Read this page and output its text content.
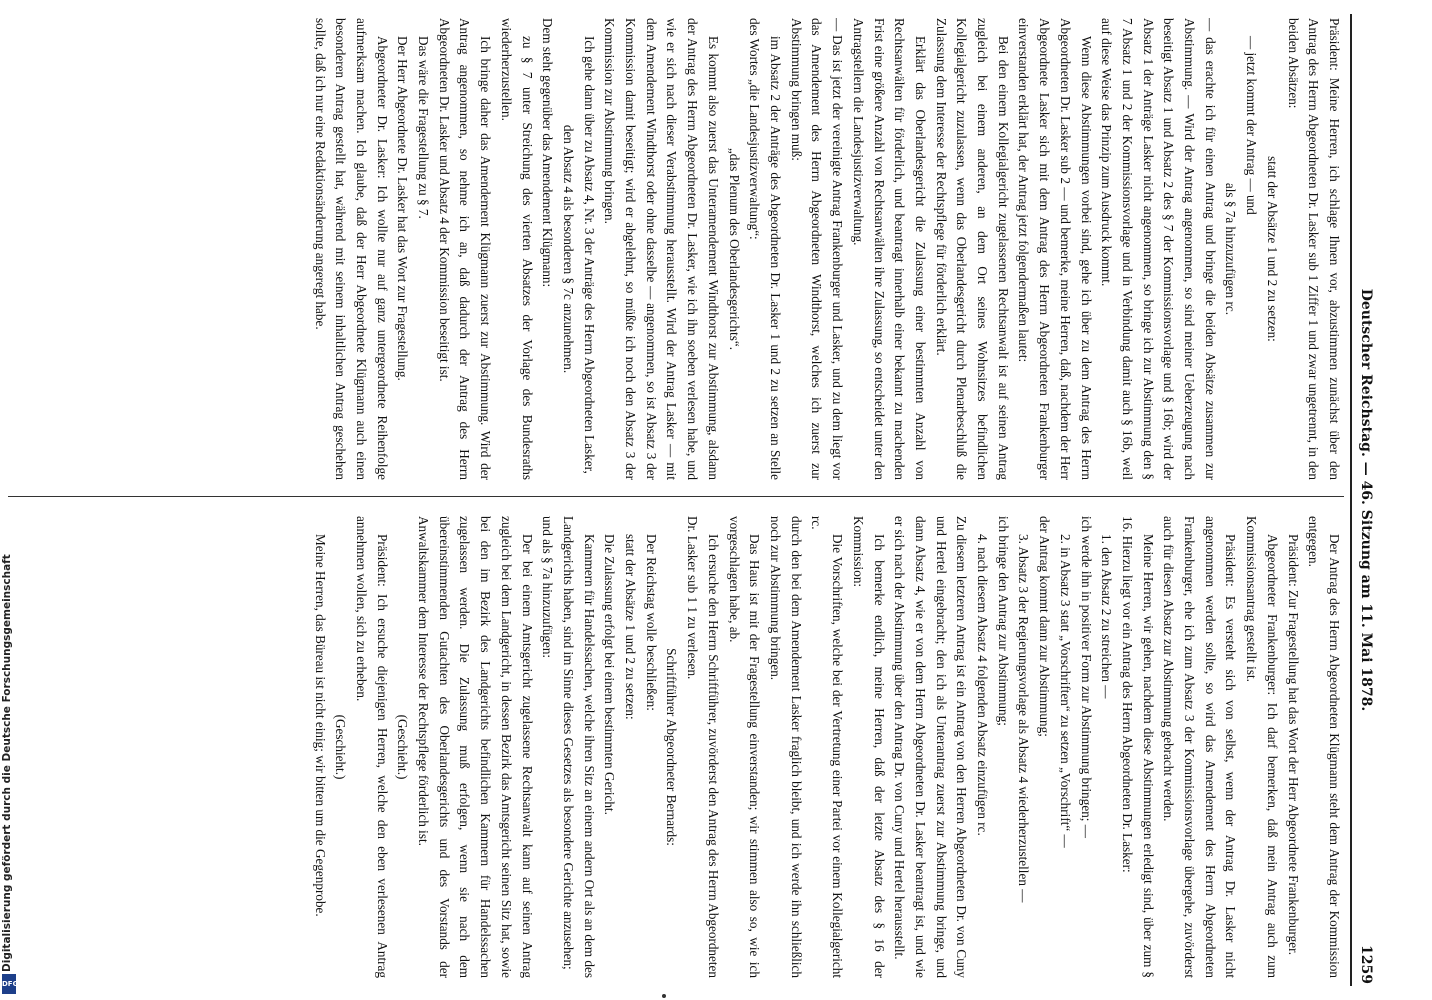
Deutscher Reichstag. — 46. Sitzung am 11. Mai 1878.
1259

Präsident: Meine Herren, ich schlage Ihnen vor, abzustimmen zunächst über den Antrag des Herrn Abgeordneten Dr. Lasker sub 1 Ziffer 1 und zwar ungetrennt, in den beiden Absätzen:

statt der Absätze 1 und 2 zu setzen:

— jetzt kommt der Antrag — und

als § 7a hinzuzufügen rc.

— das erachte ich für einen Antrag und bringe die beiden Absätze zusammen zur Abstimmung. — Wird der Antrag angenommen, so sind meiner Ueberzeugung nach beseitigt Absatz 1 und Absatz 2 des § 7 der Kommissionsvorlage und § 16b; wird der Absatz 1 der Anträge Lasker nicht angenommen, so bringe ich zur Abstimmung den § 7 Absatz 1 und 2 der Kommissionsvorlage und in Verbindung damit auch § 16b, weil auf diese Weise das Prinzip zum Ausdruck kommt.

Wenn diese Abstimmungen vorbei sind, gehe ich über zu dem Antrag des Herrn Abgeordneten Dr. Lasker sub 2 — und bemerke, meine Herren, daß, nachdem der Herr Abgeordnete Lasker sich mit dem Antrag des Herrn Abgeordneten Frankenburger einverstanden erklärt hat, der Antrag jetzt folgendermaßen lautet:

Bei den einem Kollegialgericht zugelassenen Rechtsanwalt ist auf seinen Antrag zugleich bei einem anderen, an dem Ort seines Wohnsitzes befindlichen Kollegialgericht zuzulassen, wenn das Oberlandesgericht durch Plenarbeschluß die Zulassung dem Interesse der Rechtspflege für förderlich erklärt.

Erklärt das Oberlandesgericht die Zulassung einer bestimmten Anzahl von Rechtsanwälten für förderlich, und beantragt innerhalb einer bekannt zu machenden Frist eine größere Anzahl von Rechtsanwälten ihre Zulassung, so entscheidet unter den Antragstellern die Landesjustizverwaltung.

— Das ist jetzt der vereinigte Antrag Frankenburger und Lasker, und zu dem liegt vor das Amendement des Herrn Abgeordneten Windthorst, welches ich zuerst zur Abstimmung bringen muß:

im Absatz 2 der Anträge des Abgeordneten Dr. Lasker 1 und 2 zu setzen an Stelle des Wortes „die Landesjustizverwaltung“:

„das Plenum des Oberlandesgerichts“.

Es kommt also zuerst das Unteramendement Windthorst zur Abstimmung, alsdann der Antrag des Herrn Abgeordneten Dr. Lasker, wie ich ihn soeben verlesen habe, und wie er sich nach dieser Verabstimmung herausstellt. Wird der Antrag Lasker — mit dem Amendement Windthorst oder ohne dasselbe — angenommen, so ist Absatz 3 der Kommission damit beseitigt; wird er abgelehnt, so müßte ich noch den Absatz 3 der Kommission zur Abstimmung bringen.

Ich gehe dann über zu Absatz 4, Nr. 3 der Anträge des Herrn Abgeordneten Lasker,

den Absatz 4 als besonderen § 7c anzunehmen.

Dem steht gegenüber das Amendement Klügmann:

zu § 7 unter Streichung des vierten Absatzes der Vorlage des Bundesraths wiederherzustellen.

Ich bringe daher das Amendement Klügmann zuerst zur Abstimmung. Wird der Antrag angenommen, so nehme ich an, daß dadurch der Antrag des Herrn Abgeordneten Dr. Lasker und Absatz 4 der Kommission beseitigt ist.

Das wäre die Fragestellung zu § 7.

Der Herr Abgeordnete Dr. Lasker hat das Wort zur Fragestellung.

Abgeordneter Dr. Lasker: Ich wollte nur auf ganz untergeordnete Reihenfolge aufmerksam machen. Ich glaube, daß der Herr Abgeordnete Klügmann auch einen besonderen Antrag gestellt hat, während mit seinem inhaltlichen Antrag geschehen sollte, daß ich nur eine Redaktionsänderung angeregt habe.

Der Antrag des Herrn Abgeordneten Klügmann steht dem Antrag der Kommission entgegen.

Präsident: Zur Fragestellung hat das Wort der Herr Abgeordnete Frankenburger.

Abgeordneter Frankenburger: Ich darf bemerken, daß mein Antrag auch zum Kommissionsantrag gestellt ist.

Präsident: Es versteht sich von selbst, wenn der Antrag Dr. Lasker nicht angenommen werden sollte, so wird das Amendement des Herrn Abgeordneten Frankenburger, ehe ich zum Absatz 3 der Kommissionsvorlage übergehe, zuvörderst auch für diesen Absatz zur Abstimmung gebracht werden.

Meine Herren, wir gehen, nachdem diese Abstimmungen erledigt sind, über zum § 16. Hierzu liegt vor ein Antrag des Herrn Abgeordneten Dr. Lasker:

1. den Absatz 2 zu streichen —

ich werde ihn in positiver Form zur Abstimmung bringen; —

2. in Absatz 3 statt „Vorschriften“ zu setzen „Vorschrift“ —

der Antrag kommt dann zur Abstimmung;

3. Absatz 3 der Regierungsvorlage als Absatz 4 wiederherzustellen —

ich bringe den Antrag zur Abstimmung;

4. nach diesem Absatz 4 folgenden Absatz einzufügen rc.

Zu diesem letzteren Antrag ist ein Antrag von den Herren Abgeordneten Dr. von Cuny und Hertel eingebracht; den ich als Unterantrag zuerst zur Abstimmung bringe, und dann Absatz 4, wie er von dem Herrn Abgeordneten Dr. Lasker beantragt ist, und wie er sich nach der Abstimmung über den Antrag Dr. von Cuny und Hertel herausstellt.

Ich bemerke endlich, meine Herren, daß der letzte Absatz des § 16 der Kommission:

Die Vorschriften, welche bei der Vertretung einer Partei vor einem Kollegialgericht rc.

durch den bei dem Amendement Lasker fraglich bleibt, und ich werde ihn schließlich noch zur Abstimmung bringen.

Das Haus ist mit der Fragestellung einverstanden; wir stimmen also so, wie ich vorgeschlagen habe, ab.

Ich ersuche den Herrn Schriftführer, zuvörderst den Antrag des Herrn Abgeordneten Dr. Lasker sub 1 1 zu verlesen.

Schriftführer Abgeordneter Bernards:

Der Reichstag wolle beschließen:

statt der Absätze 1 und 2 zu setzen:

Die Zulassung erfolgt bei einem bestimmten Gericht.

Kammern für Handelssachen, welche ihren Sitz an einem andern Ort als an dem des Landgerichts haben, sind im Sinne dieses Gesetzes als besondere Gerichte anzusehen;

und als § 7a hinzuzufügen:

Der bei einem Amtsgericht zugelassene Rechtsanwalt kann auf seinen Antrag zugleich bei dem Landgericht, in dessen Bezirk das Amtsgericht seinen Sitz hat, sowie bei den im Bezirk des Landgerichts befindlichen Kammern für Handelssachen zugelassen werden. Die Zulassung muß erfolgen, wenn sie nach dem übereinstimmenden Gutachten des Oberlandesgerichts und des Vorstands der Anwaltskammer dem Interesse der Rechtspflege förderlich ist.

(Geschieht.)

Präsident: Ich ersuche diejenigen Herren, welche den eben verlesenen Antrag annehmen wollen, sich zu erheben.

(Geschieht.)

Meine Herren, das Büreau ist nicht einig; wir bitten um die Gegenprobe.

Digitalisierung gefördert durch die Deutsche Forschungsgemeinschaft
DFG
